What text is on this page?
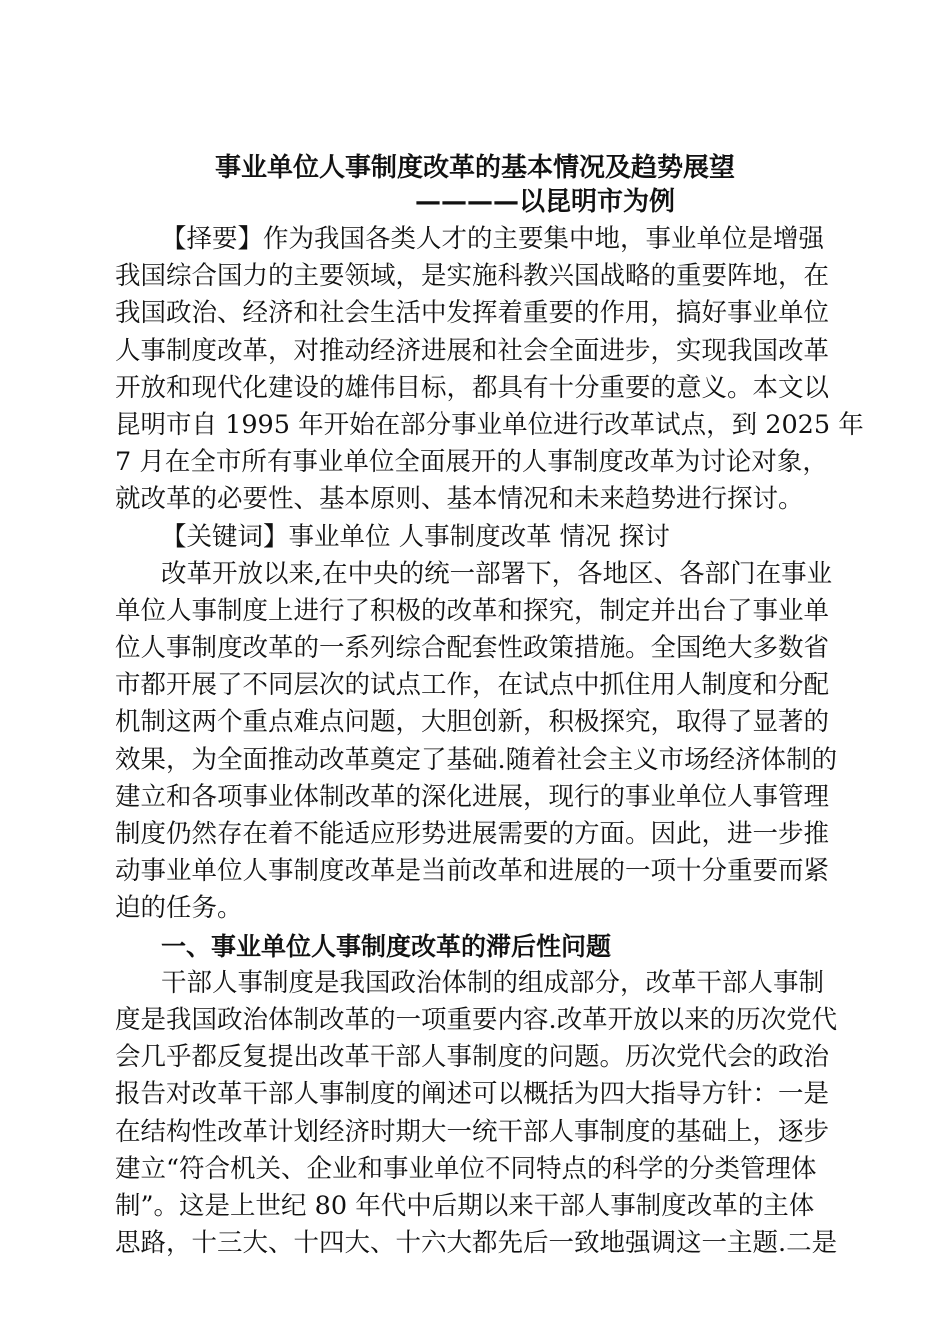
事业单位人事制度改革的基本情况及趋势展望
————以昆明市为例
【择要】作为我国各类人才的主要集中地，事业单位是增强
我国综合国力的主要领域，是实施科教兴国战略的重要阵地，在
我国政治、经济和社会生活中发挥着重要的作用，搞好事业单位
人事制度改革，对推动经济进展和社会全面进步，实现我国改革
开放和现代化建设的雄伟目标，都具有十分重要的意义。本文以
昆明市自 1995 年开始在部分事业单位进行改革试点，到 2025 年
7 月在全市所有事业单位全面展开的人事制度改革为讨论对象，
就改革的必要性、基本原则、基本情况和未来趋势进行探讨。
【关键词】事业单位 人事制度改革 情况 探讨
改革开放以来,在中央的统一部署下，各地区、各部门在事业
单位人事制度上进行了积极的改革和探究，制定并出台了事业单
位人事制度改革的一系列综合配套性政策措施。全国绝大多数省
市都开展了不同层次的试点工作，在试点中抓住用人制度和分配
机制这两个重点难点问题，大胆创新，积极探究，取得了显著的
效果，为全面推动改革奠定了基础.随着社会主义市场经济体制的
建立和各项事业体制改革的深化进展，现行的事业单位人事管理
制度仍然存在着不能适应形势进展需要的方面。因此，进一步推
动事业单位人事制度改革是当前改革和进展的一项十分重要而紧
迫的任务。
一、事业单位人事制度改革的滞后性问题
干部人事制度是我国政治体制的组成部分，改革干部人事制
度是我国政治体制改革的一项重要内容.改革开放以来的历次党代
会几乎都反复提出改革干部人事制度的问题。历次党代会的政治
报告对改革干部人事制度的阐述可以概括为四大指导方针：一是
在结构性改革计划经济时期大一统干部人事制度的基础上，逐步
建立“符合机关、企业和事业单位不同特点的科学的分类管理体
制”。这是上世纪 80 年代中后期以来干部人事制度改革的主体
思路，十三大、十四大、十六大都先后一致地强调这一主题.二是
